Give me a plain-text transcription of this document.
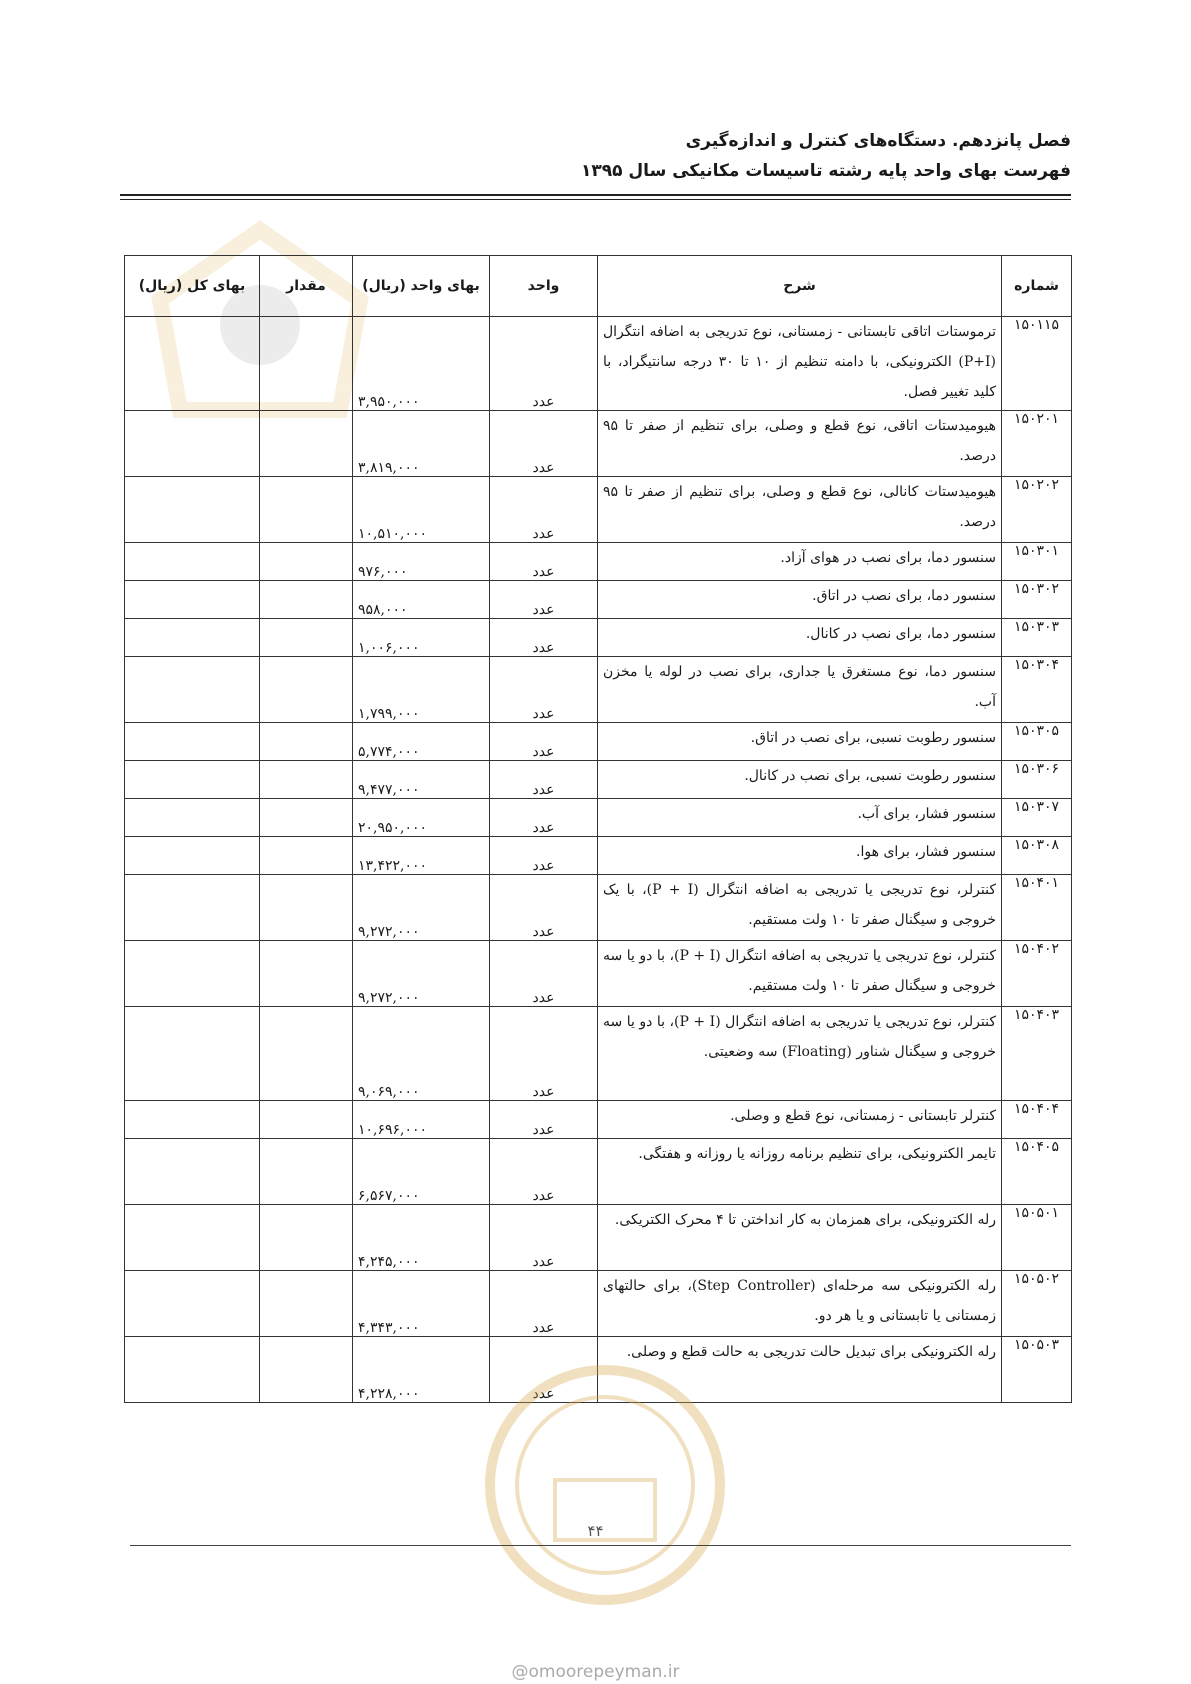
فصل پانزدهم. دستگاه‌های کنترل و اندازه‌گیری
فهرست بهای واحد پایه رشته تاسیسات مکانیکی سال ۱۳۹۵
شماره	شرح	واحد	بهای واحد (ریال)	مقدار	بهای کل (ریال)
۱۵۰۱۱۵	ترموستات اتاقی تابستانی - زمستانی، نوع تدریجی به اضافه انتگرال (P+I) الکترونیکی، با دامنه تنظیم از ۱۰ تا ۳۰ درجه سانتیگراد، با کلید تغییر فصل.	عدد	۳,۹۵۰,۰۰۰		
۱۵۰۲۰۱	هیومیدستات اتاقی، نوع قطع و وصلی، برای تنظیم از صفر تا ۹۵ درصد.	عدد	۳,۸۱۹,۰۰۰		
۱۵۰۲۰۲	هیومیدستات کانالی، نوع قطع و وصلی، برای تنظیم از صفر تا ۹۵ درصد.	عدد	۱۰,۵۱۰,۰۰۰		
۱۵۰۳۰۱	سنسور دما، برای نصب در هوای آزاد.	عدد	۹۷۶,۰۰۰		
۱۵۰۳۰۲	سنسور دما، برای نصب در اتاق.	عدد	۹۵۸,۰۰۰		
۱۵۰۳۰۳	سنسور دما، برای نصب در کانال.	عدد	۱,۰۰۶,۰۰۰		
۱۵۰۳۰۴	سنسور دما، نوع مستغرق یا جداری، برای نصب در لوله یا مخزن آب.	عدد	۱,۷۹۹,۰۰۰		
۱۵۰۳۰۵	سنسور رطوبت نسبی، برای نصب در اتاق.	عدد	۵,۷۷۴,۰۰۰		
۱۵۰۳۰۶	سنسور رطوبت نسبی، برای نصب در کانال.	عدد	۹,۴۷۷,۰۰۰		
۱۵۰۳۰۷	سنسور فشار، برای آب.	عدد	۲۰,۹۵۰,۰۰۰		
۱۵۰۳۰۸	سنسور فشار، برای هوا.	عدد	۱۳,۴۲۲,۰۰۰		
۱۵۰۴۰۱	کنترلر، نوع تدریجی یا تدریجی به اضافه انتگرال (P + I)، با یک خروجی و سیگنال صفر تا ۱۰ ولت مستقیم.	عدد	۹,۲۷۲,۰۰۰		
۱۵۰۴۰۲	کنترلر، نوع تدریجی یا تدریجی به اضافه انتگرال (P + I)، با دو یا سه خروجی و سیگنال صفر تا ۱۰ ولت مستقیم.	عدد	۹,۲۷۲,۰۰۰		
۱۵۰۴۰۳	کنترلر، نوع تدریجی یا تدریجی به اضافه انتگرال (P + I)، با دو یا سه خروجی و سیگنال شناور (Floating) سه وضعیتی.	عدد	۹,۰۶۹,۰۰۰		
۱۵۰۴۰۴	کنترلر تابستانی - زمستانی، نوع قطع و وصلی.	عدد	۱۰,۶۹۶,۰۰۰		
۱۵۰۴۰۵	تایمر الکترونیکی، برای تنظیم برنامه روزانه یا روزانه و هفتگی.	عدد	۶,۵۶۷,۰۰۰		
۱۵۰۵۰۱	رله الکترونیکی، برای همزمان به کار انداختن تا ۴ محرک الکتریکی.	عدد	۴,۲۴۵,۰۰۰		
۱۵۰۵۰۲	رله الکترونیکی سه مرحله‌ای (Step Controller)، برای حالتهای زمستانی یا تابستانی و یا هر دو.	عدد	۴,۳۴۳,۰۰۰		
۱۵۰۵۰۳	رله الکترونیکی برای تبدیل حالت تدریجی به حالت قطع و وصلی.	عدد	۴,۲۲۸,۰۰۰		
۴۴
@omoorepeyman.ir
